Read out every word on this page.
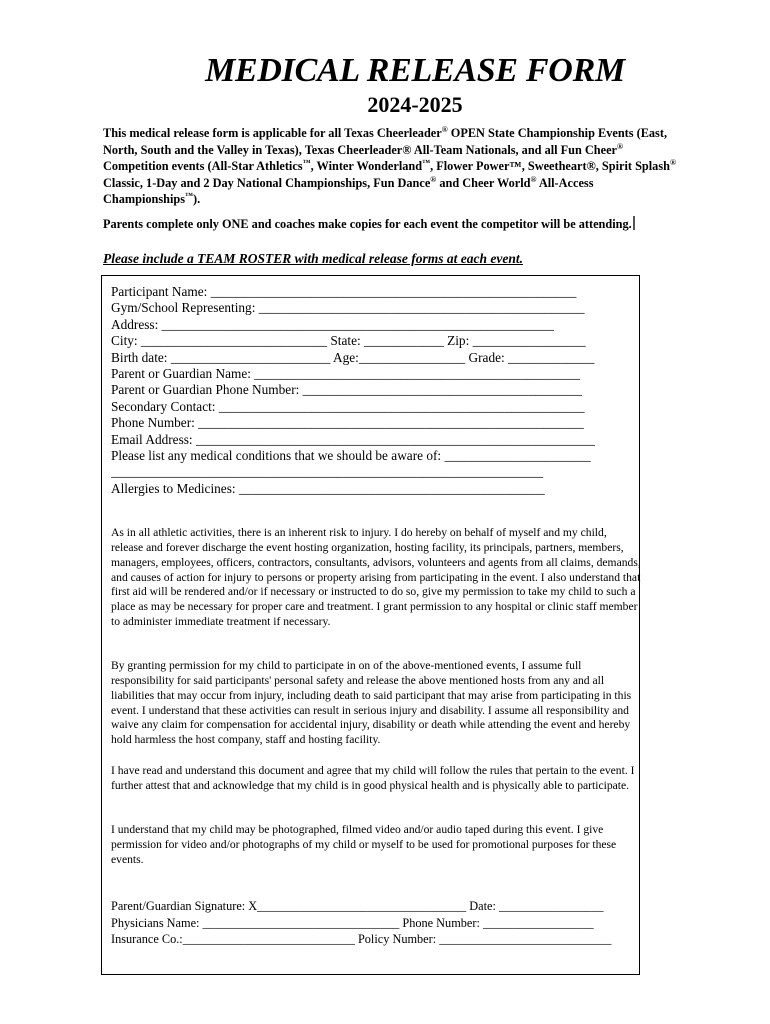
MEDICAL RELEASE FORM
2024-2025
This medical release form is applicable for all Texas Cheerleader® OPEN State Championship Events (East, North, South and the Valley in Texas), Texas Cheerleader® All-Team Nationals, and all Fun Cheer® Competition events (All-Star Athletics™, Winter Wonderland™, Flower Power™, Sweetheart®, Spirit Splash® Classic, 1-Day and 2 Day National Championships, Fun Dance® and Cheer World® All-Access Championships™).
Parents complete only ONE and coaches make copies for each event the competitor will be attending.
Please include a TEAM ROSTER with medical release forms at each event.
Participant Name: _______________________________________________________
Gym/School Representing: _________________________________________________
Address: ___________________________________________________________
City: ____________________________ State: ____________ Zip: _________________
Birth date: ________________________ Age:________________ Grade: _____________
Parent or Guardian Name: _________________________________________________
Parent or Guardian Phone Number: __________________________________________
Secondary Contact: _______________________________________________________
Phone Number: __________________________________________________________
Email Address: ____________________________________________________________
Please list any medical conditions that we should be aware of: ______________________
_________________________________________________________________
Allergies to Medicines: ______________________________________________
As in all athletic activities, there is an inherent risk to injury. I do hereby on behalf of myself and my child, release and forever discharge the event hosting organization, hosting facility, its principals, partners, members, managers, employees, officers, contractors, consultants, advisors, volunteers and agents from all claims, demands, and causes of action for injury to persons or property arising from participating in the event. I also understand that first aid will be rendered and/or if necessary or instructed to do so, give my permission to take my child to such a place as may be necessary for proper care and treatment. I grant permission to any hospital or clinic staff member to administer immediate treatment if necessary.
By granting permission for my child to participate in on of the above-mentioned events, I assume full responsibility for said participants' personal safety and release the above mentioned hosts from any and all liabilities that may occur from injury, including death to said participant that may arise from participating in this event. I understand that these activities can result in serious injury and disability. I assume all responsibility and waive any claim for compensation for accidental injury, disability or death while attending the event and hereby hold harmless the host company, staff and hosting facility.
I have read and understand this document and agree that my child will follow the rules that pertain to the event. I further attest that and acknowledge that my child is in good physical health and is physically able to participate.
I understand that my child may be photographed, filmed video and/or audio taped during this event. I give permission for video and/or photographs of my child or myself to be used for promotional purposes for these events.
Parent/Guardian Signature: X__________________________________ Date: _________________
Physicians Name: ________________________________ Phone Number: __________________
Insurance Co.:____________________________ Policy Number: ____________________________
